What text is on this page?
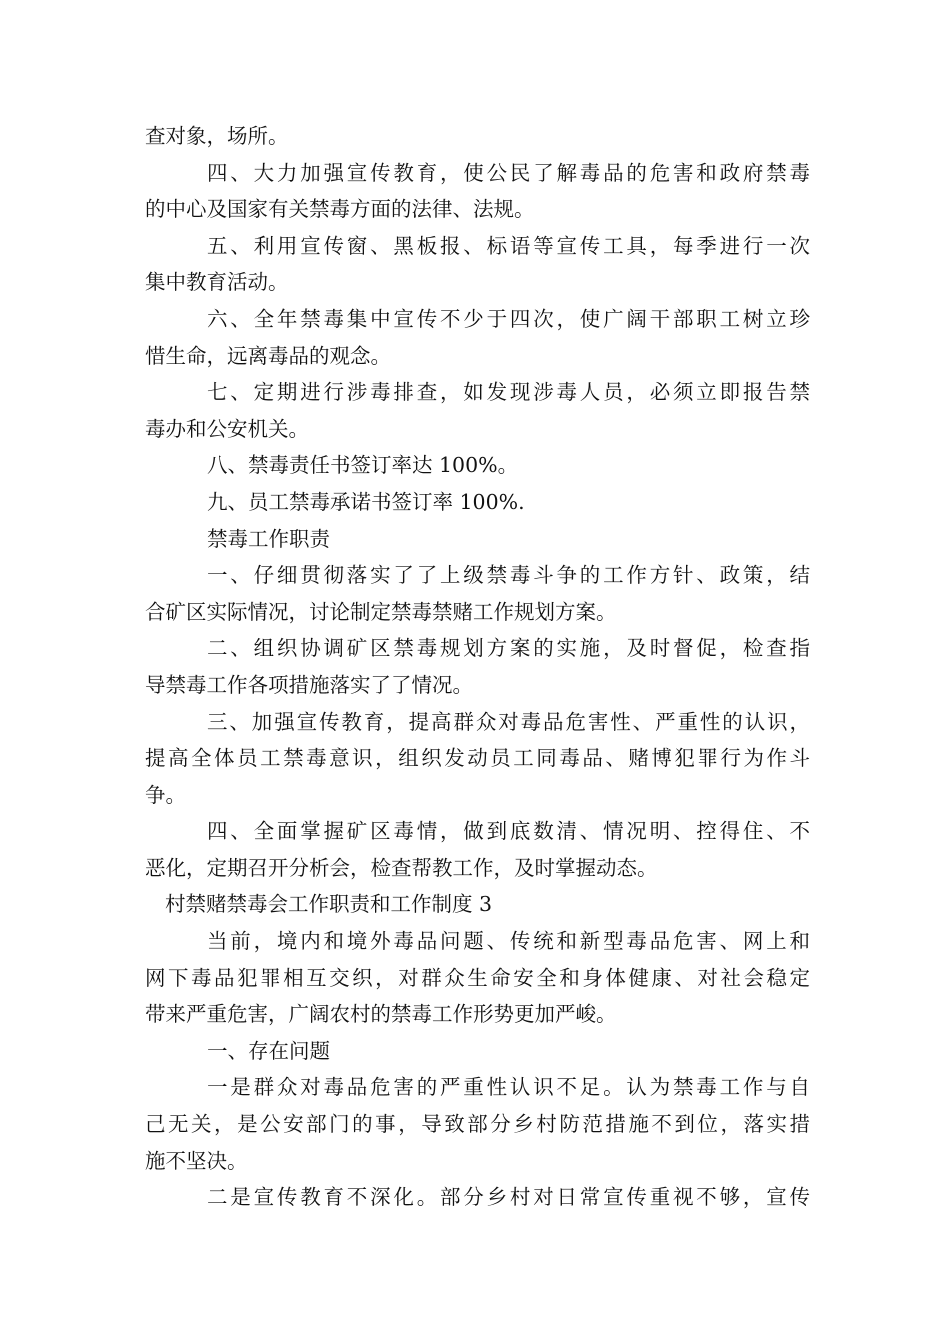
查对象，场所。
四、大力加强宣传教育，使公民了解毒品的危害和政府禁毒
的中心及国家有关禁毒方面的法律、法规。
五、利用宣传窗、黑板报、标语等宣传工具，每季进行一次
集中教育活动。
六、全年禁毒集中宣传不少于四次，使广阔干部职工树立珍
惜生命，远离毒品的观念。
七、定期进行涉毒排查，如发现涉毒人员，必须立即报告禁
毒办和公安机关。
八、禁毒责任书签订率达 100%。
九、员工禁毒承诺书签订率 100%.
禁毒工作职责
一、仔细贯彻落实了了上级禁毒斗争的工作方针、政策，结
合矿区实际情况，讨论制定禁毒禁赌工作规划方案。
二、组织协调矿区禁毒规划方案的实施，及时督促，检查指
导禁毒工作各项措施落实了了情况。
三、加强宣传教育，提高群众对毒品危害性、严重性的认识，
提高全体员工禁毒意识，组织发动员工同毒品、赌博犯罪行为作斗
争。
四、全面掌握矿区毒情，做到底数清、情况明、控得住、不
恶化，定期召开分析会，检查帮教工作，及时掌握动态。
村禁赌禁毒会工作职责和工作制度 3
当前，境内和境外毒品问题、传统和新型毒品危害、网上和
网下毒品犯罪相互交织，对群众生命安全和身体健康、对社会稳定
带来严重危害，广阔农村的禁毒工作形势更加严峻。
一、存在问题
一是群众对毒品危害的严重性认识不足。认为禁毒工作与自
己无关，是公安部门的事，导致部分乡村防范措施不到位，落实措
施不坚决。
二是宣传教育不深化。部分乡村对日常宣传重视不够，宣传
